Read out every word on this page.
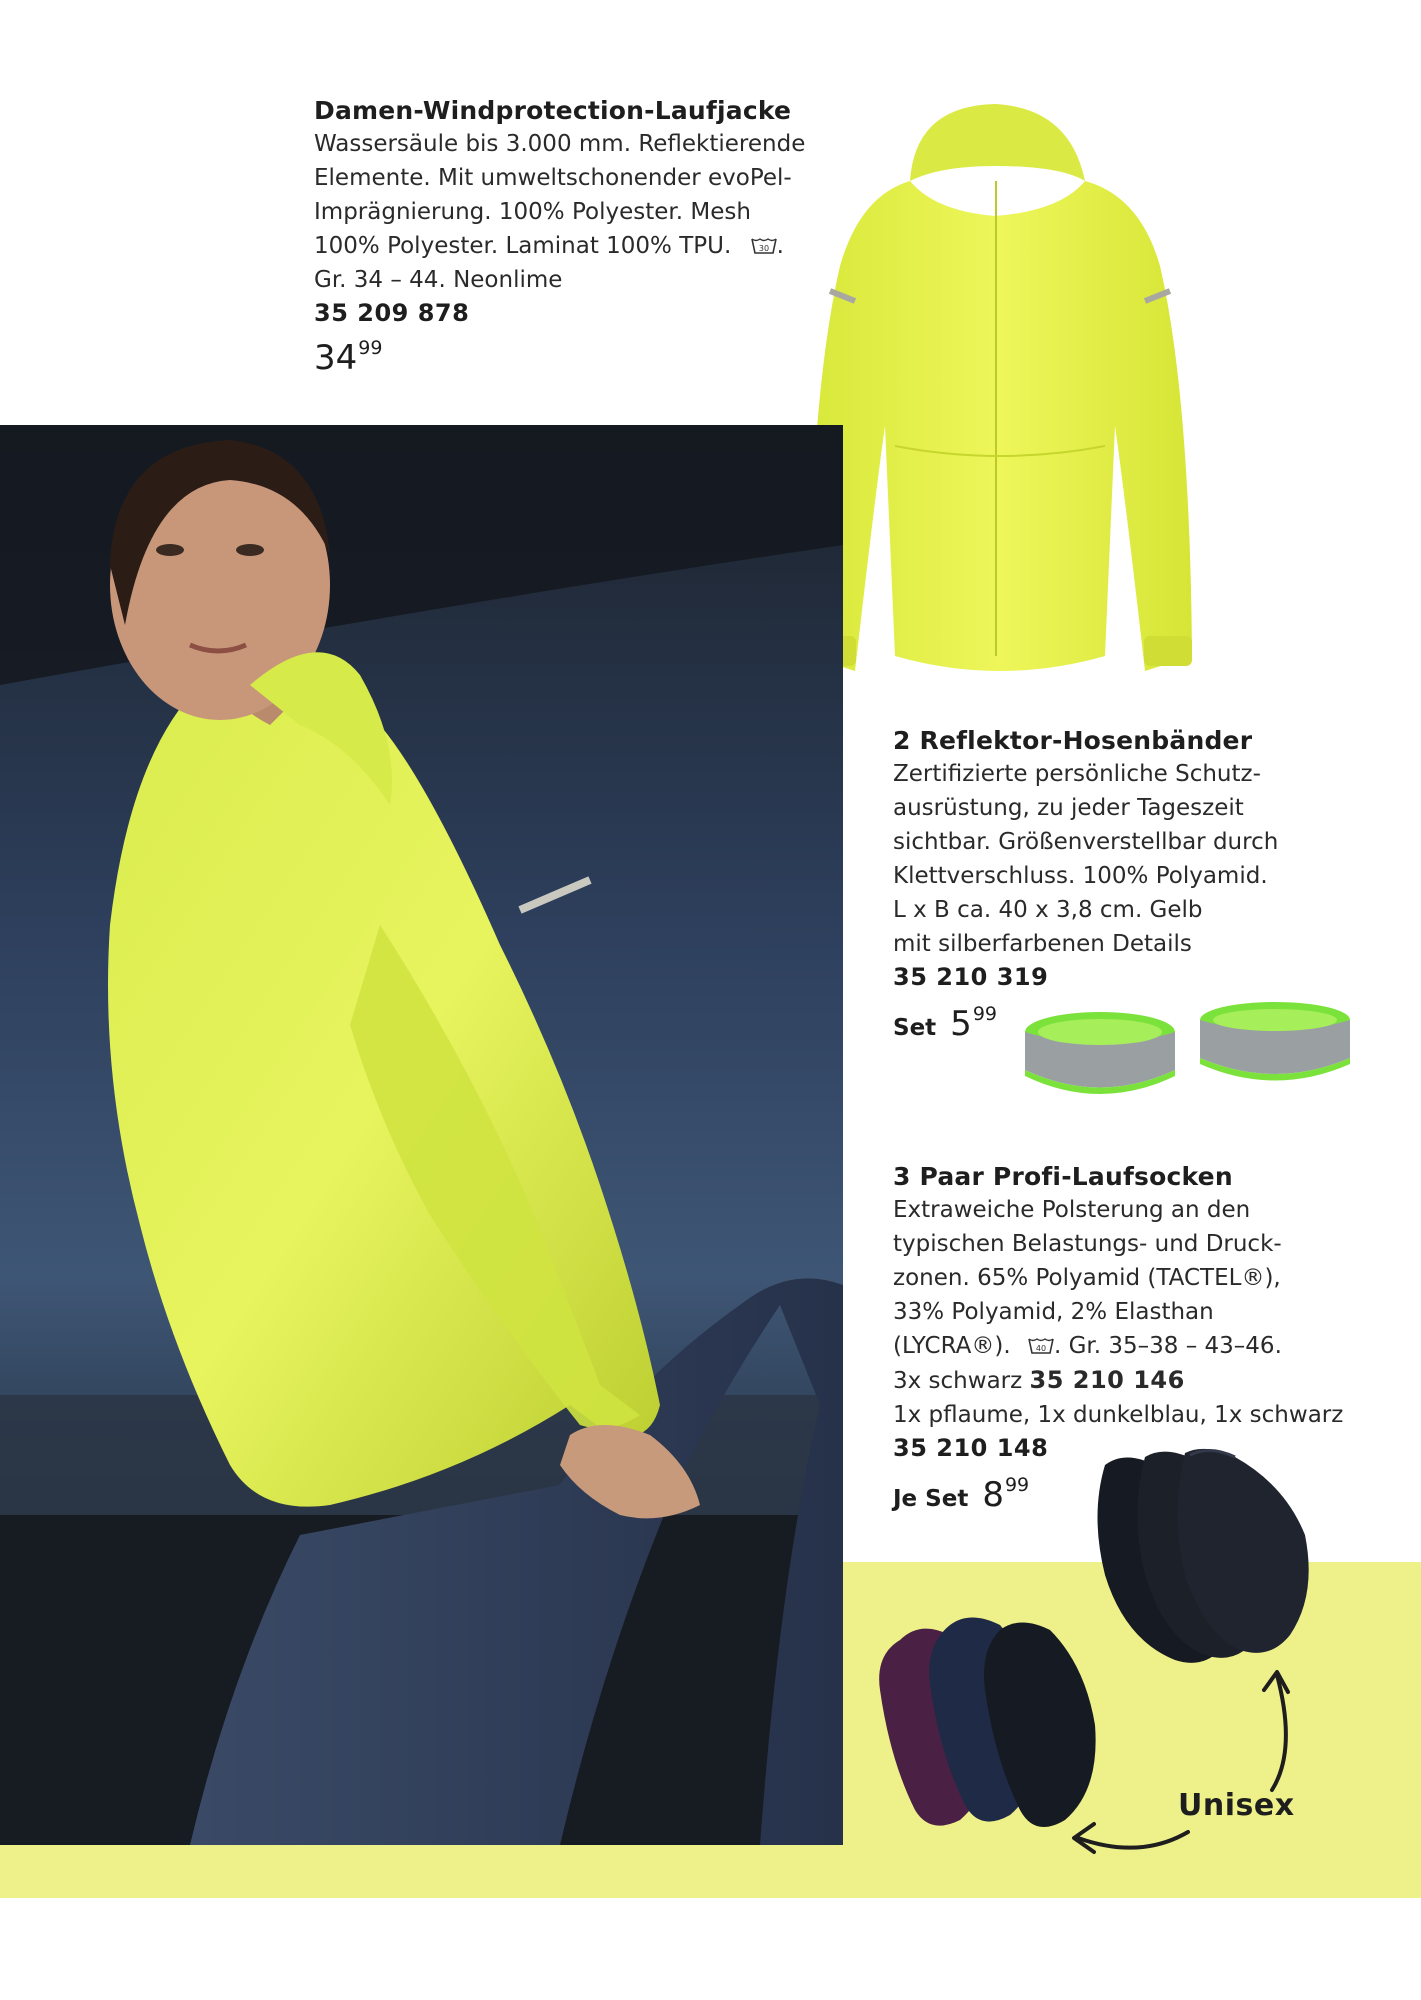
Damen-Windprotection-Laufjacke
Wassersäule bis 3.000 mm. Reflektierende
Elemente. Mit umweltschonender evoPel-
Imprägnierung. 100% Polyester. Mesh
100% Polyester. Laminat 100% TPU.	30 .
Gr. 34 – 44. Neonlime
35 209 878
3499
2 Reflektor-Hosenbänder
Zertifizierte persönliche Schutz-
ausrüstung, zu jeder Tageszeit
sichtbar. Größenverstellbar durch
Klettverschluss. 100% Polyamid.
L x B ca. 40 x 3,8 cm. Gelb
mit silberfarbenen Details
35 210 319
Set 599
3 Paar Profi-Laufsocken
Extraweiche Polsterung an den
typischen Belastungs- und Druck-
zonen. 65% Polyamid (TACTEL®),
33% Polyamid, 2% Elasthan
(LYCRA®).	40 . Gr. 35–38 – 43–46.
3x schwarz 35 210 146
1x pflaume, 1x dunkelblau, 1x schwarz
35 210 148
Je Set 899
Unisex
